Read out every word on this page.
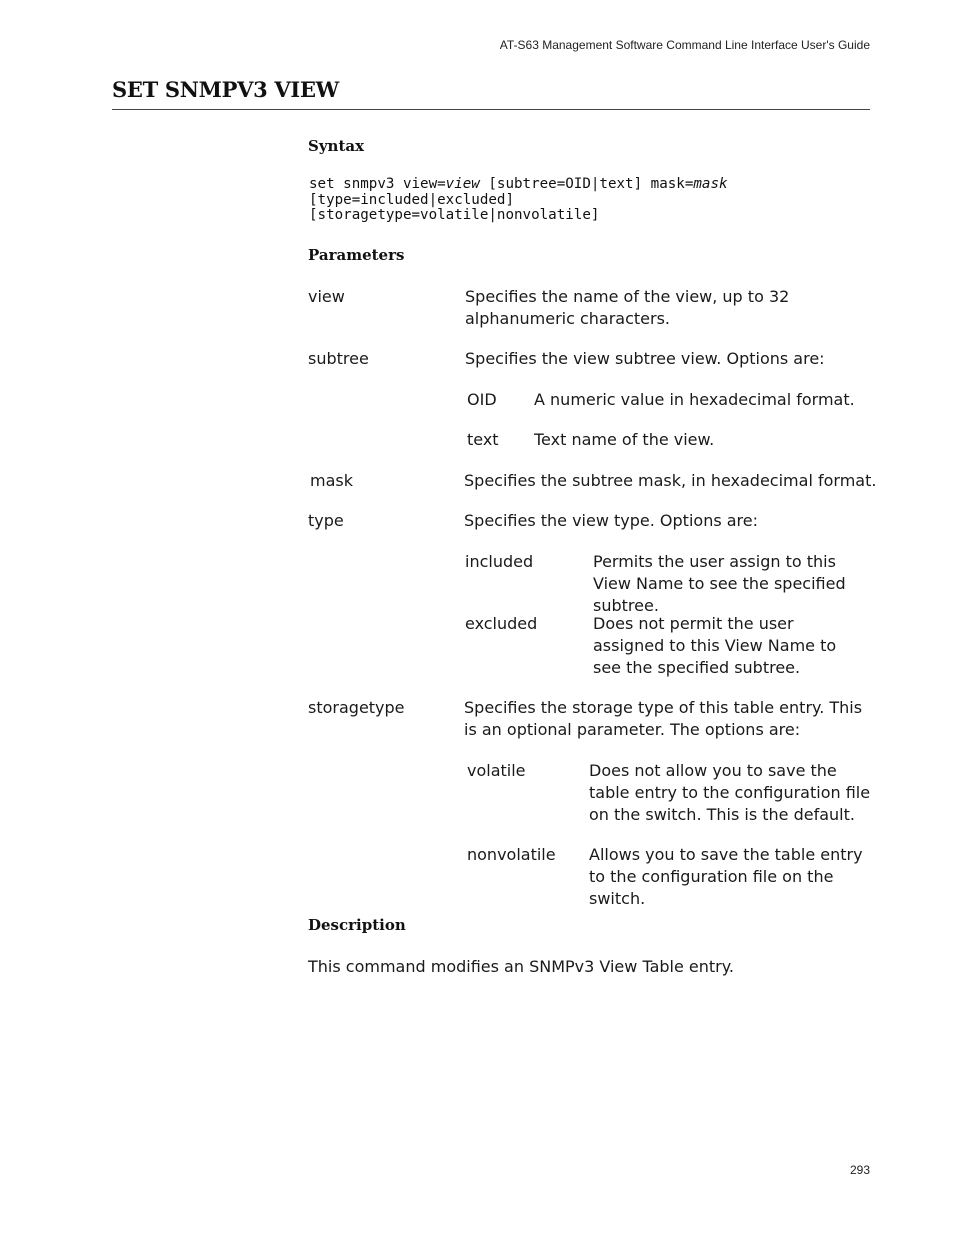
AT-S63 Management Software Command Line Interface User's Guide
SET SNMPV3 VIEW
Syntax
set snmpv3 view=view [subtree=OID|text] mask=mask
[type=included|excluded]
[storagetype=volatile|nonvolatile]
Parameters
view	Specifies the name of the view, up to 32 alphanumeric characters.
subtree	Specifies the view subtree view. Options are:
OID A numeric value in hexadecimal format.
text Text name of the view.
mask	Specifies the subtree mask, in hexadecimal format.
type	Specifies the view type. Options are:
included	Permits the user assign to this View Name to see the specified subtree.
excluded	Does not permit the user assigned to this View Name to see the specified subtree.
storagetype	Specifies the storage type of this table entry. This is an optional parameter. The options are:
volatile	Does not allow you to save the table entry to the configuration file on the switch. This is the default.
nonvolatile Allows you to save the table entry to the configuration file on the switch.
Description
This command modifies an SNMPv3 View Table entry.
293
